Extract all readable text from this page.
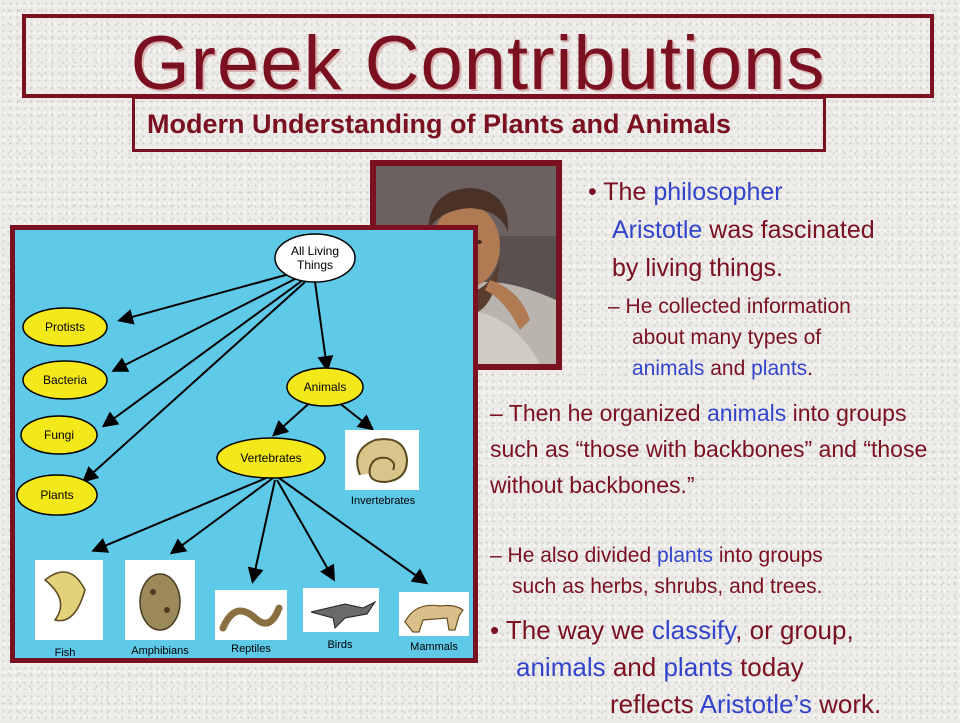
Greek Contributions
Modern Understanding of Plants and Animals
All Living
Things
Protists
Bacteria
Fungi
Plants
Animals
Vertebrates
Invertebrates
Fish	Amphibians	Reptiles	Birds	Mammals
• The philosopher
Aristotle was fascinated
by living things.
– He collected information
about many types of
animals and plants.
– Then he organized animals into groups such as “those with backbones” and “those without backbones.”
– He also divided plants into groups
such as herbs, shrubs, and trees.
• The way we classify, or group,
animals and plants today
reflects Aristotle’s work.
